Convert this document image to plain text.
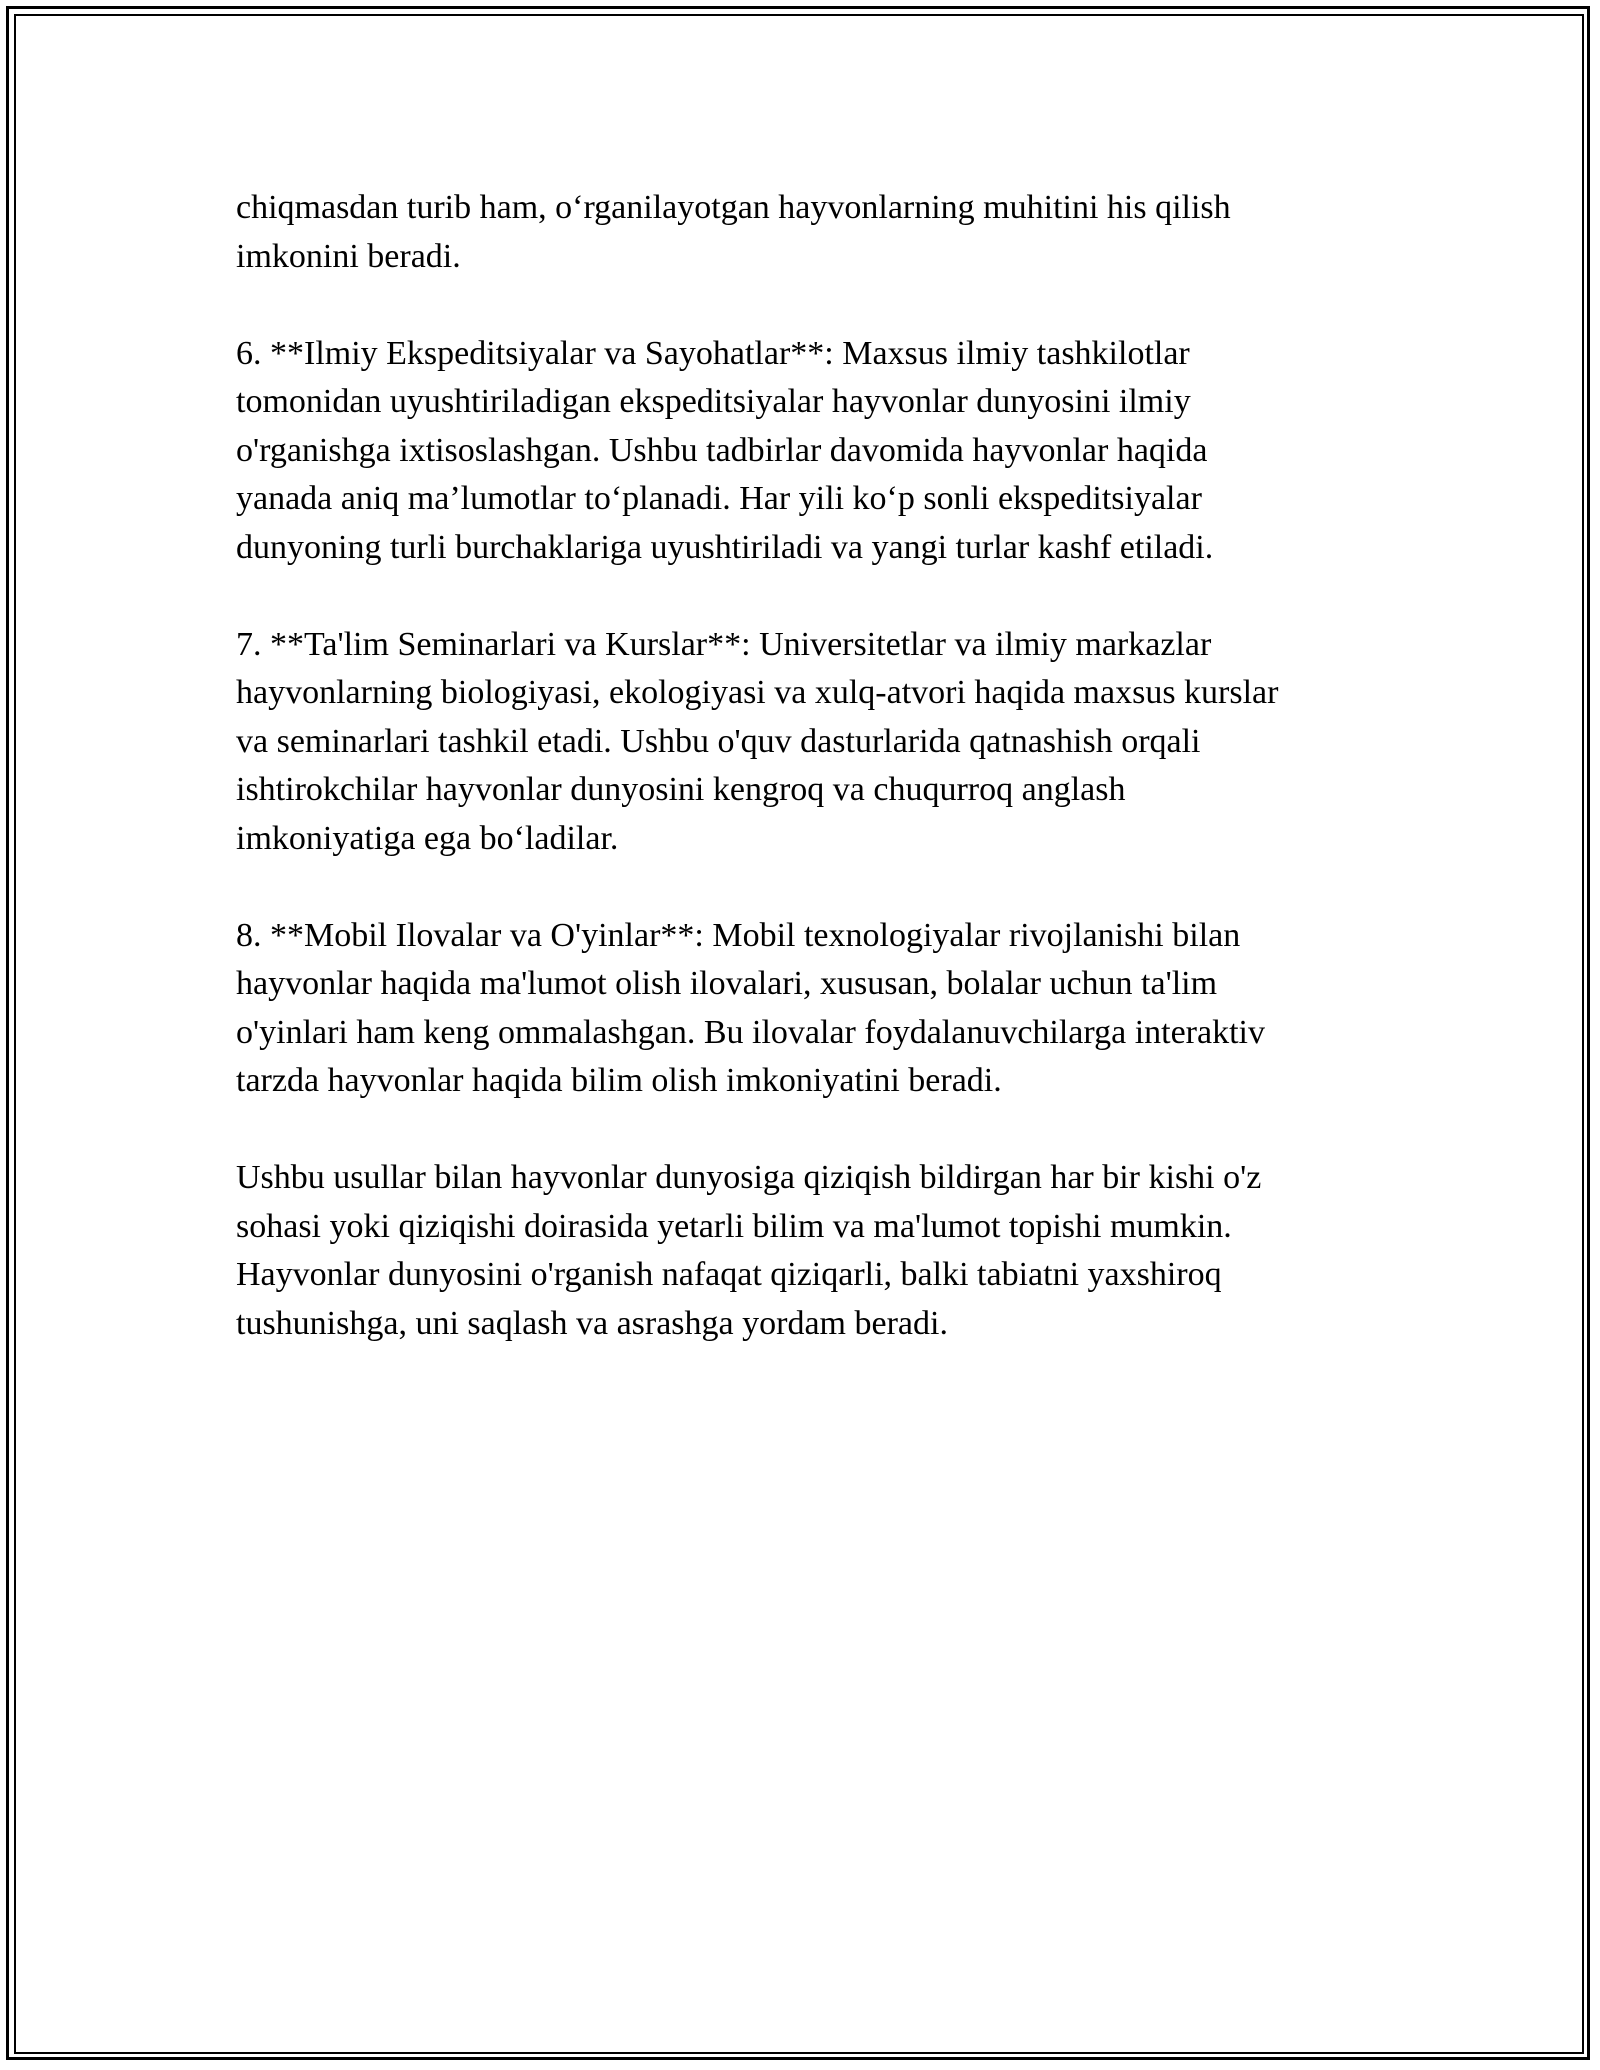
chiqmasdan turib ham, o‘rganilayotgan hayvonlarning muhitini his qilish
imkonini beradi.

6. **Ilmiy Ekspeditsiyalar va Sayohatlar**: Maxsus ilmiy tashkilotlar
tomonidan uyushtiriladigan ekspeditsiyalar hayvonlar dunyosini ilmiy
o'rganishga ixtisoslashgan. Ushbu tadbirlar davomida hayvonlar haqida
yanada aniq ma’lumotlar to‘planadi. Har yili ko‘p sonli ekspeditsiyalar
dunyoning turli burchaklariga uyushtiriladi va yangi turlar kashf etiladi.

7. **Ta'lim Seminarlari va Kurslar**: Universitetlar va ilmiy markazlar
hayvonlarning biologiyasi, ekologiyasi va xulq-atvori haqida maxsus kurslar
va seminarlari tashkil etadi. Ushbu o'quv dasturlarida qatnashish orqali
ishtirokchilar hayvonlar dunyosini kengroq va chuqurroq anglash
imkoniyatiga ega bo‘ladilar.

8. **Mobil Ilovalar va O'yinlar**: Mobil texnologiyalar rivojlanishi bilan
hayvonlar haqida ma'lumot olish ilovalari, xususan, bolalar uchun ta'lim
o'yinlari ham keng ommalashgan. Bu ilovalar foydalanuvchilarga interaktiv
tarzda hayvonlar haqida bilim olish imkoniyatini beradi.

Ushbu usullar bilan hayvonlar dunyosiga qiziqish bildirgan har bir kishi o'z
sohasi yoki qiziqishi doirasida yetarli bilim va ma'lumot topishi mumkin.
Hayvonlar dunyosini o'rganish nafaqat qiziqarli, balki tabiatni yaxshiroq
tushunishga, uni saqlash va asrashga yordam beradi.
